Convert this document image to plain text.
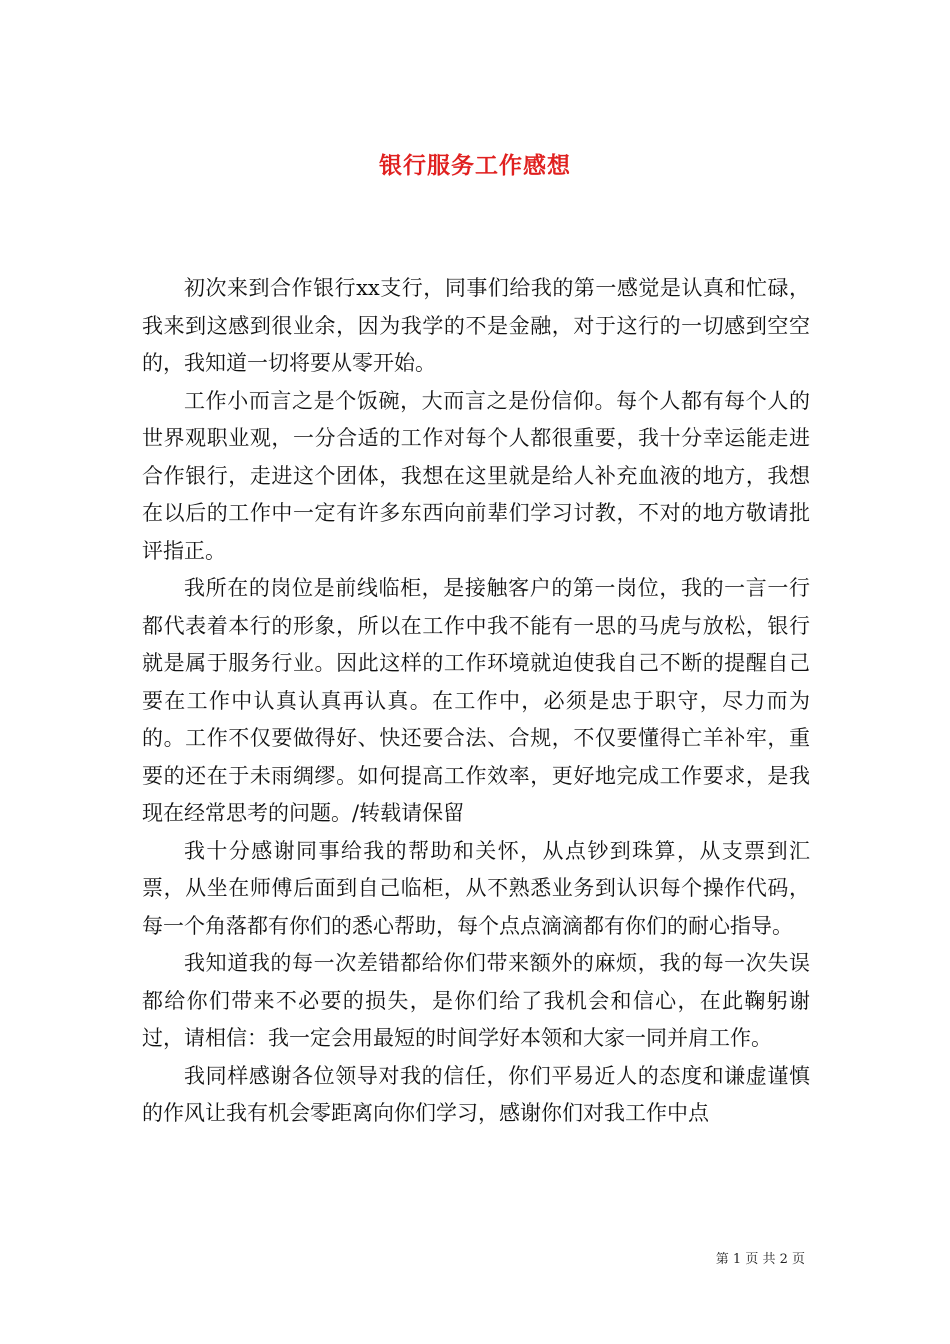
银行服务工作感想

初次来到合作银行xx支行，同事们给我的第一感觉是认真和忙碌，我来到这感到很业余，因为我学的不是金融，对于这行的一切感到空空的，我知道一切将要从零开始。

工作小而言之是个饭碗，大而言之是份信仰。每个人都有每个人的世界观职业观，一分合适的工作对每个人都很重要，我十分幸运能走进合作银行，走进这个团体，我想在这里就是给人补充血液的地方，我想在以后的工作中一定有许多东西向前辈们学习讨教，不对的地方敬请批评指正。

我所在的岗位是前线临柜，是接触客户的第一岗位，我的一言一行都代表着本行的形象，所以在工作中我不能有一思的马虎与放松，银行就是属于服务行业。因此这样的工作环境就迫使我自己不断的提醒自己要在工作中认真认真再认真。在工作中，必须是忠于职守，尽力而为的。工作不仅要做得好、快还要合法、合规，不仅要懂得亡羊补牢，重要的还在于未雨绸缪。如何提高工作效率，更好地完成工作要求，是我现在经常思考的问题。/转载请保留

我十分感谢同事给我的帮助和关怀，从点钞到珠算，从支票到汇票，从坐在师傅后面到自己临柜，从不熟悉业务到认识每个操作代码，每一个角落都有你们的悉心帮助，每个点点滴滴都有你们的耐心指导。

我知道我的每一次差错都给你们带来额外的麻烦，我的每一次失误都给你们带来不必要的损失，是你们给了我机会和信心，在此鞠躬谢过，请相信：我一定会用最短的时间学好本领和大家一同并肩工作。

我同样感谢各位领导对我的信任，你们平易近人的态度和谦虚谨慎的作风让我有机会零距离向你们学习，感谢你们对我工作中点

第 1 页 共 2 页
